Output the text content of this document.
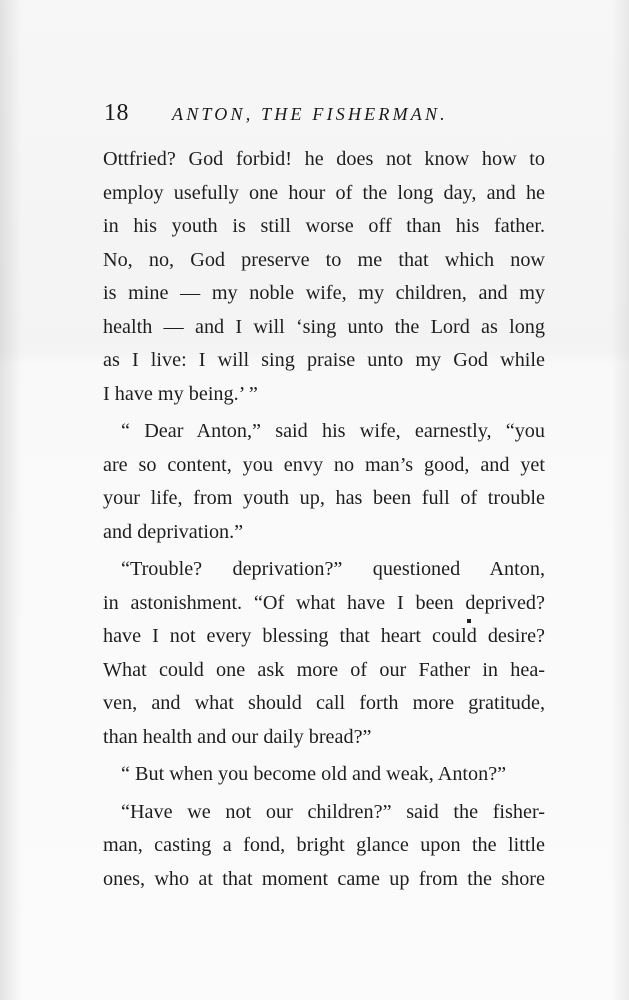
18 ANTON, THE FISHERMAN.
Ottfried? God forbid! he does not know how to
employ usefully one hour of the long day, and he
in his youth is still worse off than his father.
No, no, God preserve to me that which now
is mine — my noble wife, my children, and my
health — and I will ‘sing unto the Lord as long
as I live: I will sing praise unto my God while
I have my being.’ ”
“ Dear Anton,” said his wife, earnestly, “you
are so content, you envy no man’s good, and yet
your life, from youth up, has been full of trouble
and deprivation.”
“Trouble? deprivation?” questioned Anton,
in astonishment. “Of what have I been deprived?
have I not every blessing that heart could desire?
What could one ask more of our Father in hea-
ven, and what should call forth more gratitude,
than health and our daily bread?”
“ But when you become old and weak, Anton?”
“Have we not our children?” said the fisher-
man, casting a fond, bright glance upon the little
ones, who at that moment came up from the shore
